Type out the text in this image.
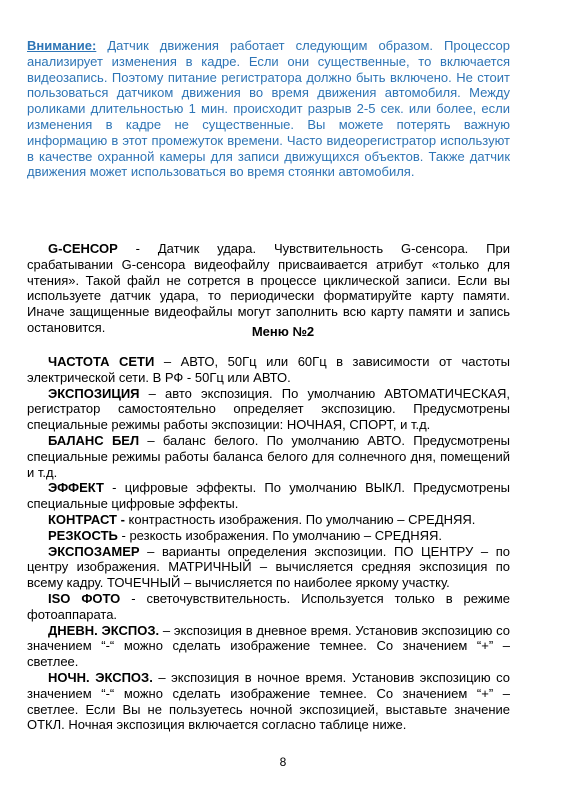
Внимание: Датчик движения работает следующим образом. Процессор анализирует изменения в кадре. Если они существенные, то включается видеозапись. Поэтому питание регистратора должно быть включено. Не стоит пользоваться датчиком движения во время движения автомобиля. Между роликами длительностью 1 мин. происходит разрыв 2-5 сек. или более, если изменения в кадре не существенные. Вы можете потерять важную информацию в этот промежуток времени. Часто видеорегистратор используют в качестве охранной камеры для записи движущихся объектов. Также датчик движения может использоваться во время стоянки автомобиля.

G-СЕНСОР - Датчик удара. Чувствительность G-сенсора. При срабатывании G-сенсора видеофайлу присваивается атрибут «только для чтения». Такой файл не сотрется в процессе циклической записи. Если вы используете датчик удара, то периодически форматируйте карту памяти. Иначе защищенные видеофайлы могут заполнить всю карту памяти и запись остановится.	Меню №2

ЧАСТОТА СЕТИ – АВТО, 50Гц или 60Гц в зависимости от частоты электрической сети. В РФ - 50Гц или АВТО.
ЭКСПОЗИЦИЯ – авто экспозиция. По умолчанию АВТОМАТИЧЕСКАЯ, регистратор самостоятельно определяет экспозицию. Предусмотрены специальные режимы работы экспозиции: НОЧНАЯ, СПОРТ, и т.д.
БАЛАНС БЕЛ – баланс белого. По умолчанию АВТО. Предусмотрены специальные режимы работы баланса белого для солнечного дня, помещений и т.д.
ЭФФЕКТ - цифровые эффекты. По умолчанию ВЫКЛ. Предусмотрены специальные цифровые эффекты.
КОНТРАСТ - контрастность изображения. По умолчанию – СРЕДНЯЯ.
РЕЗКОСТЬ - резкость изображения. По умолчанию – СРЕДНЯЯ.
ЭКСПОЗАМЕР – варианты определения экспозиции. ПО ЦЕНТРУ – по центру изображения. МАТРИЧНЫЙ – вычисляется средняя экспозиция по всему кадру. ТОЧЕЧНЫЙ – вычисляется по наиболее яркому участку.
ISO ФОТО - светочувствительность. Используется только в режиме фотоаппарата.
ДНЕВН. ЭКСПОЗ. – экспозиция в дневное время. Установив экспозицию со значением “-“ можно сделать изображение темнее. Со значением “+” – светлее.
НОЧН. ЭКСПОЗ. – экспозиция в ночное время. Установив экспозицию со значением “-“ можно сделать изображение темнее. Со значением “+” – светлее. Если Вы не пользуетесь ночной экспозицией, выставьте значение ОТКЛ. Ночная экспозиция включается согласно таблице ниже.

8
